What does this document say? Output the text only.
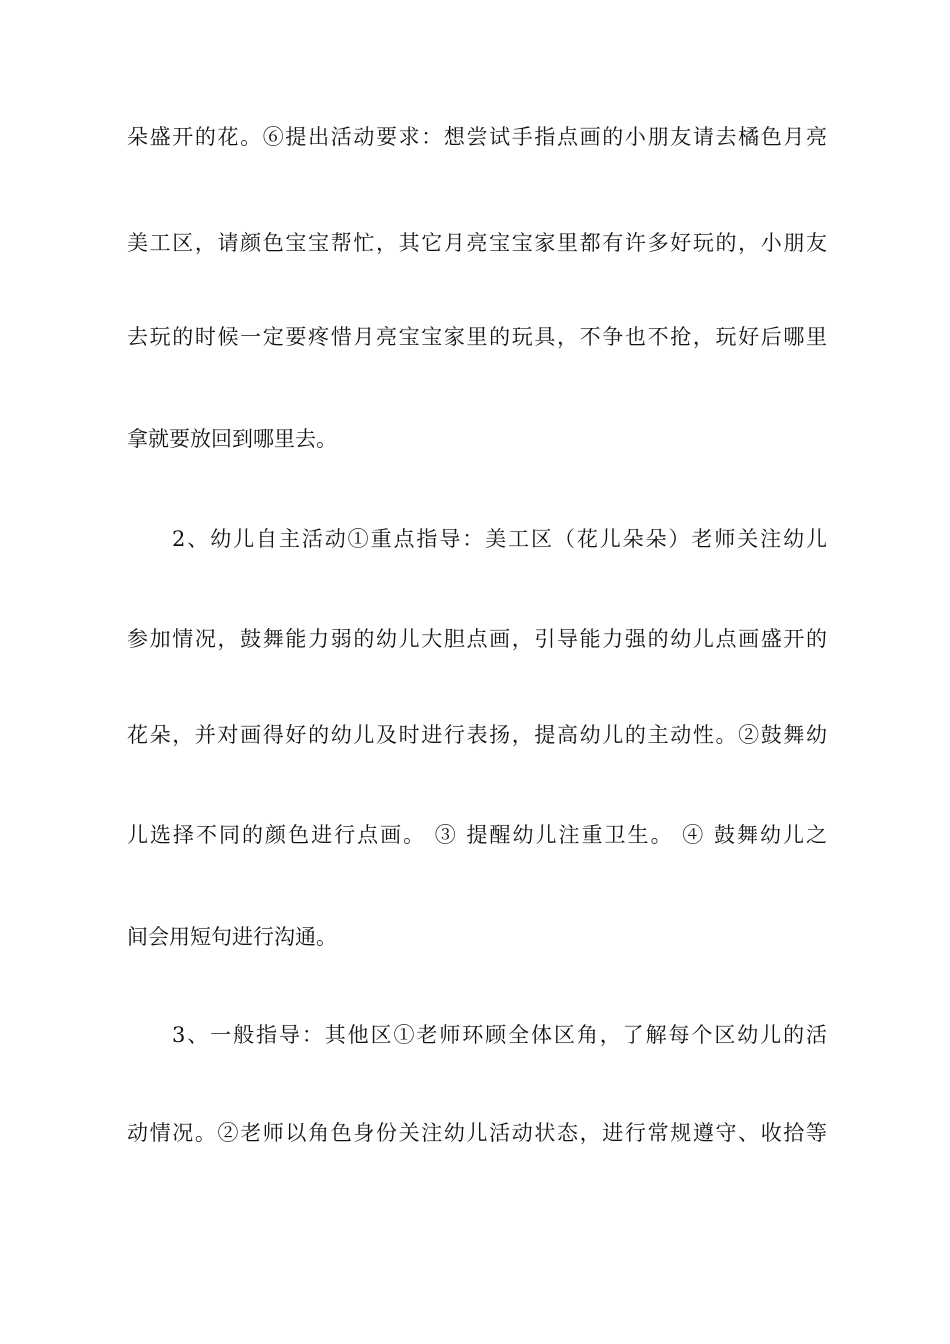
朵盛开的花。⑥提出活动要求：想尝试手指点画的小朋友请去橘色月亮
美工区，请颜色宝宝帮忙，其它月亮宝宝家里都有许多好玩的，小朋友
去玩的时候一定要疼惜月亮宝宝家里的玩具，不争也不抢，玩好后哪里
拿就要放回到哪里去。
2、幼儿自主活动①重点指导：美工区（花儿朵朵）老师关注幼儿
参加情况，鼓舞能力弱的幼儿大胆点画，引导能力强的幼儿点画盛开的
花朵，并对画得好的幼儿及时进行表扬，提高幼儿的主动性。②鼓舞幼
儿选择不同的颜色进行点画。 ③ 提醒幼儿注重卫生。 ④ 鼓舞幼儿之
间会用短句进行沟通。
3、一般指导：其他区①老师环顾全体区角，了解每个区幼儿的活
动情况。②老师以角色身份关注幼儿活动状态，进行常规遵守、收拾等
